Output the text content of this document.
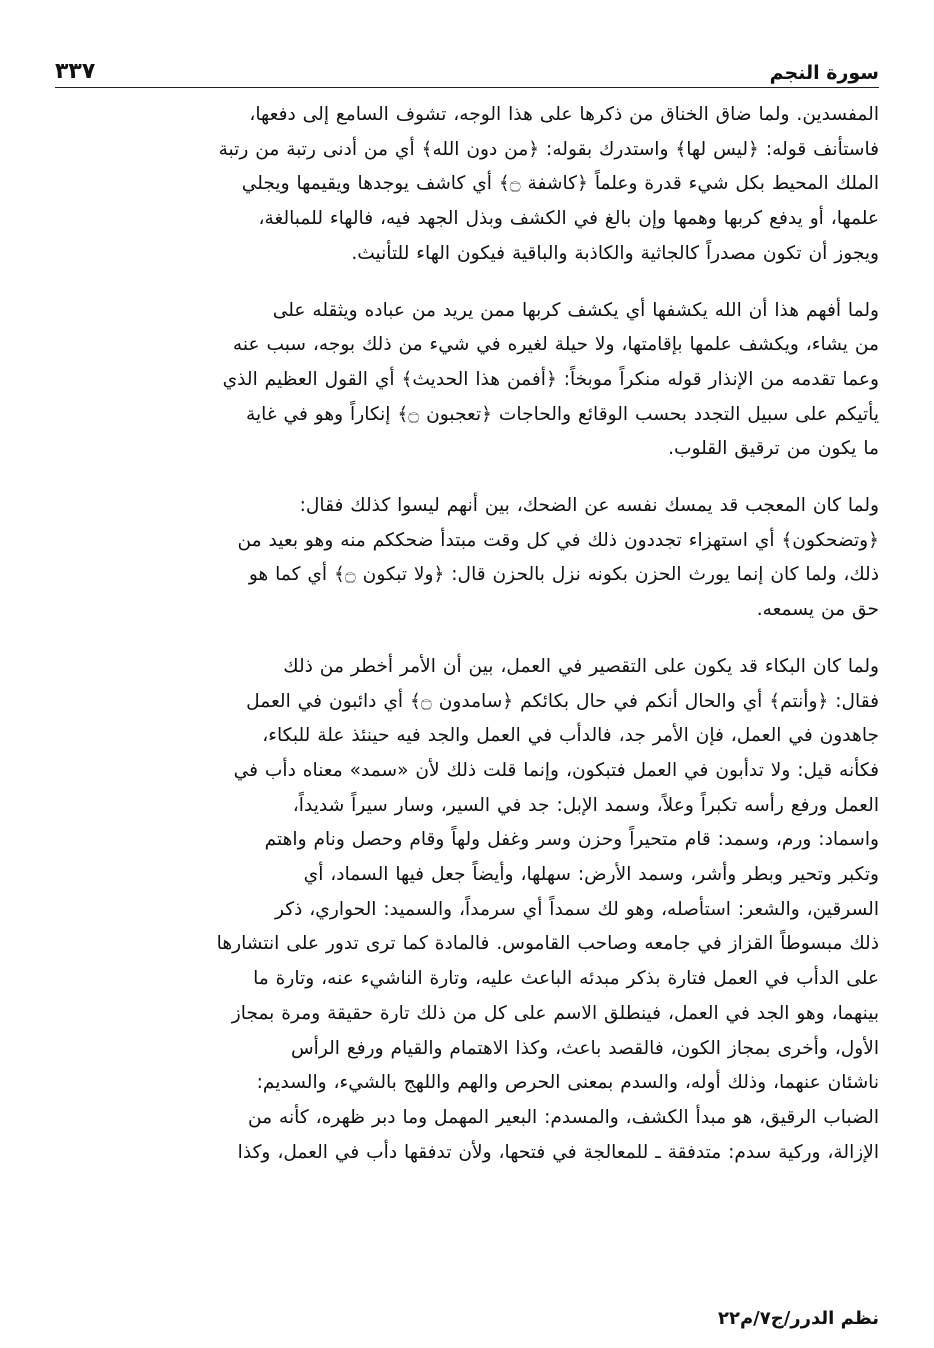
سورة النجم
٣٣٧

المفسدين. ولما ضاق الخناق من ذكرها على هذا الوجه، تشوف السامع إلى دفعها،
فاستأنف قوله: ﴿ليس لها﴾ واستدرك بقوله: ﴿من دون الله﴾ أي من أدنى رتبة من رتبة
الملك المحيط بكل شيء قدرة وعلماً ﴿كاشفة ۝﴾ أي كاشف يوجدها ويقيمها ويجلي
علمها، أو يدفع كربها وهمها وإن بالغ في الكشف وبذل الجهد فيه، فالهاء للمبالغة،
ويجوز أن تكون مصدراً كالجاثية والكاذبة والباقية فيكون الهاء للتأنيث.

ولما أفهم هذا أن الله يكشفها أي يكشف كربها ممن يريد من عباده ويثقله على
من يشاء، ويكشف علمها بإقامتها، ولا حيلة لغيره في شيء من ذلك بوجه، سبب عنه
وعما تقدمه من الإنذار قوله منكراً موبخاً: ﴿أفمن هذا الحديث﴾ أي القول العظيم الذي
يأتيكم على سبيل التجدد بحسب الوقائع والحاجات ﴿تعجبون ۝﴾ إنكاراً وهو في غاية
ما يكون من ترقيق القلوب.

ولما كان المعجب قد يمسك نفسه عن الضحك، بين أنهم ليسوا كذلك فقال:
﴿وتضحكون﴾ أي استهزاء تجددون ذلك في كل وقت مبتدأ ضحككم منه وهو بعيد من
ذلك، ولما كان إنما يورث الحزن بكونه نزل بالحزن قال: ﴿ولا تبكون ۝﴾ أي كما هو
حق من يسمعه.

ولما كان البكاء قد يكون على التقصير في العمل، بين أن الأمر أخطر من ذلك
فقال: ﴿وأنتم﴾ أي والحال أنكم في حال بكائكم ﴿سامدون ۝﴾ أي دائبون في العمل
جاهدون في العمل، فإن الأمر جد، فالدأب في العمل والجد فيه حينئذ علة للبكاء،
فكأنه قيل: ولا تدأبون في العمل فتبكون، وإنما قلت ذلك لأن «سمد» معناه دأب في
العمل ورفع رأسه تكبراً وعلاً، وسمد الإبل: جد في السير، وسار سيراً شديداً،
واسماد: ورم، وسمد: قام متحيراً وحزن وسر وغفل ولهاً وقام وحصل ونام واهتم
وتكبر وتحير وبطر وأشر، وسمد الأرض: سهلها، وأيضاً جعل فيها السماد، أي
السرقين، والشعر: استأصله، وهو لك سمداً أي سرمداً، والسميد: الحواري، ذكر
ذلك مبسوطاً القزاز في جامعه وصاحب القاموس. فالمادة كما ترى تدور على انتشارها
على الدأب في العمل فتارة بذكر مبدئه الباعث عليه، وتارة الناشيء عنه، وتارة ما
بينهما، وهو الجد في العمل، فينطلق الاسم على كل من ذلك تارة حقيقة ومرة بمجاز
الأول، وأخرى بمجاز الكون، فالقصد باعث، وكذا الاهتمام والقيام ورفع الرأس
ناشئان عنهما، وذلك أوله، والسدم بمعنى الحرص والهم واللهج بالشيء، والسديم:
الضباب الرقيق، هو مبدأ الكشف، والمسدم: البعير المهمل وما دبر ظهره، كأنه من
الإزالة، وركية سدم: متدفقة ـ للمعالجة في فتحها، ولأن تدفقها دأب في العمل، وكذا

نظم الدرر/ج٧/م٢٢
